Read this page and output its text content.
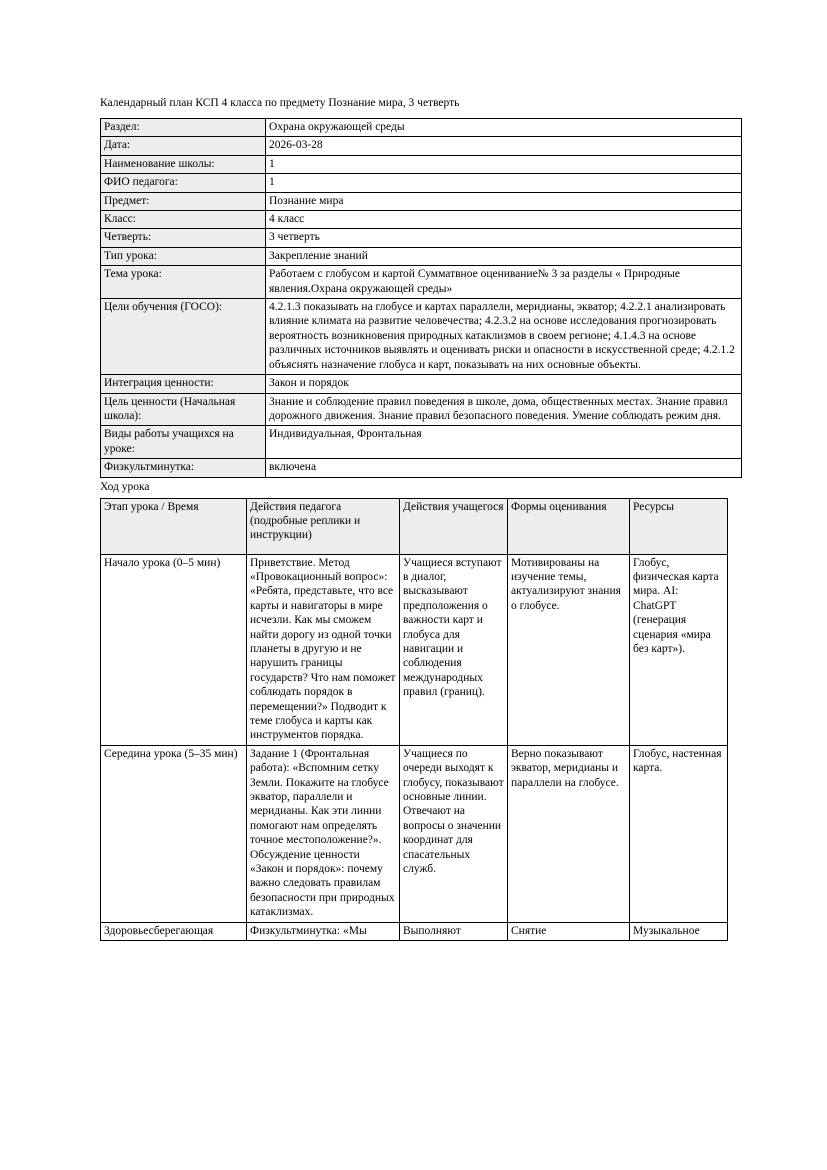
Календарный план КСП 4 класса по предмету Познание мира, 3 четверть

Раздел:	Охрана окружающей среды
Дата:	2026-03-28
Наименование школы:	1
ФИО педагога:	1
Предмет:	Познание мира
Класс:	4 класс
Четверть:	3 четверть
Тип урока:	Закрепление знаний
Тема урока:	Работаем с глобусом и картой Сумматвное оценивание№ 3 за разделы « Природные явления.Охрана окружающей среды»
Цели обучения (ГОСО):	4.2.1.3 показывать на глобусе и картах параллели, меридианы, экватор; 4.2.2.1 анализировать влияние климата на развитие человечества; 4.2.3.2 на основе исследования прогнозировать вероятность возникновения природных катаклизмов в своем регионе; 4.1.4.3 на основе различных источников выявлять и оценивать риски и опасности в искусственной среде; 4.2.1.2 объяснять назначение глобуса и карт, показывать на них основные объекты.
Интеграция ценности:	Закон и порядок
Цель ценности (Начальная школа):	Знание и соблюдение правил поведения в школе, дома, общественных местах. Знание правил дорожного движения. Знание правил безопасного поведения. Умение соблюдать режим дня.
Виды работы учащихся на уроке:	Индивидуальная, Фронтальная
Физкультминутка:	включена

Ход урока

Этап урока / Время	Действия педагога (подробные реплики и инструкции)	Действия учащегося	Формы оценивания	Ресурсы
Начало урока (0–5 мин)	Приветствие. Метод «Провокационный вопрос»: «Ребята, представьте, что все карты и навигаторы в мире исчезли. Как мы сможем найти дорогу из одной точки планеты в другую и не нарушить границы государств? Что нам поможет соблюдать порядок в перемещении?» Подводит к теме глобуса и карты как инструментов порядка.	Учащиеся вступают в диалог, высказывают предположения о важности карт и глобуса для навигации и соблюдения международных правил (границ).	Мотивированы на изучение темы, актуализируют знания о глобусе.	Глобус, физическая карта мира. AI: ChatGPT (генерация сценария «мира без карт»).
Середина урока (5–35 мин)	Задание 1 (Фронтальная работа): «Вспомним сетку Земли. Покажите на глобусе экватор, параллели и меридианы. Как эти линии помогают нам определять точное местоположение?». Обсуждение ценности «Закон и порядок»: почему важно следовать правилам безопасности при природных катаклизмах.	Учащиеся по очереди выходят к глобусу, показывают основные линии. Отвечают на вопросы о значении координат для спасательных служб.	Верно показывают экватор, меридианы и параллели на глобусе.	Глобус, настенная карта.
Здоровьесберегающая	Физкультминутка: «Мы	Выполняют	Снятие	Музыкальное
